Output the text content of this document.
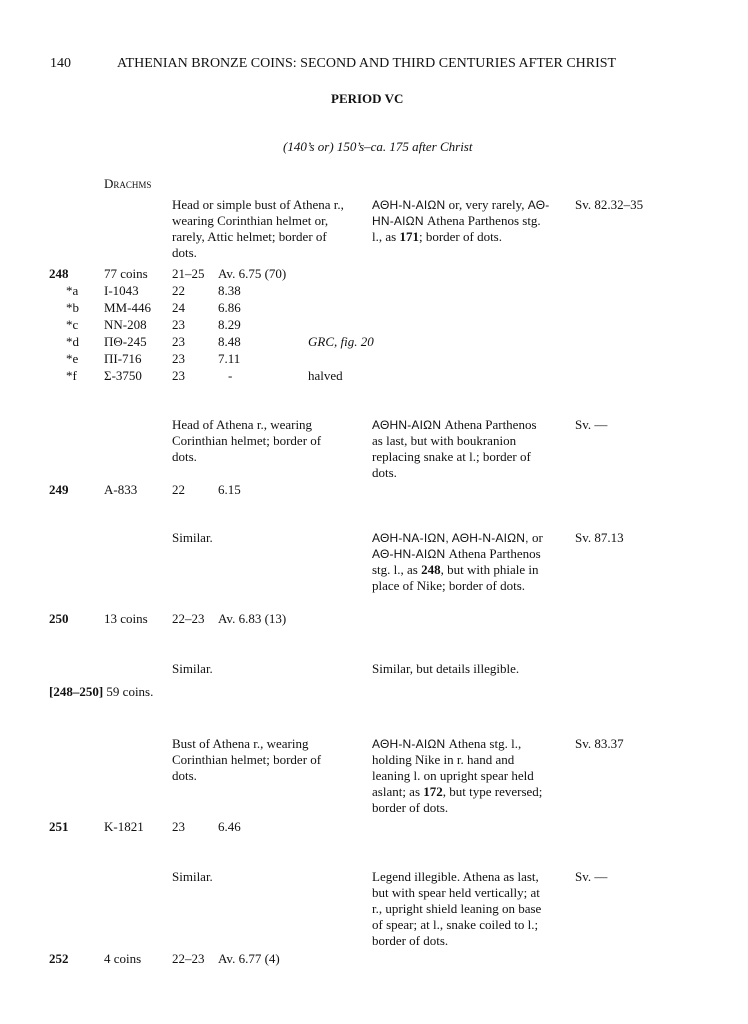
140	ATHENIAN BRONZE COINS: SECOND AND THIRD CENTURIES AFTER CHRIST
PERIOD VC
(140’s or) 150’s–ca. 175 after Christ
Drachms
Head or simple bust of Athena r., wearing Corinthian helmet or, rarely, Attic helmet; border of dots.
ΑΘΗ-Ν-ΑΙΩΝ or, very rarely, ΑΘ-ΗΝ-ΑΙΩΝ Athena Parthenos stg. l., as 171; border of dots.
Sv. 82.32–35
248	77 coins 21–25 Av. 6.75 (70)
*a I-1043	22	8.38
*b MM-446 24	6.86
*c NN-208 23	8.29
*d ΠΘ-245 23	8.48	GRC, fig. 20
*e ΠΙ-716 23	7.11
*f Σ-3750 23	-	halved
Head of Athena r., wearing Corinthian helmet; border of dots.
ΑΘΗΝ-ΑΙΩΝ Athena Parthenos as last, but with boukranion replacing snake at l.; border of dots.
Sv. —
249	A-833	22	6.15
Similar.	ΑΘΗ-ΝΑ-ΙΩΝ, ΑΘΗ-Ν-ΑΙΩΝ, or ΑΘ-ΗΝ-ΑΙΩΝ Athena Parthenos stg. l., as 248, but with phiale in place of Nike; border of dots.
Sv. 87.13
250	13 coins 22–23 Av. 6.83 (13)
Similar.	Similar, but details illegible.
[248–250] 59 coins.
Bust of Athena r., wearing Corinthian helmet; border of dots.
ΑΘΗ-Ν-ΑΙΩΝ Athena stg. l., holding Nike in r. hand and leaning l. on upright spear held aslant; as 172, but type reversed; border of dots.
Sv. 83.37
251	K-1821 23	6.46
Similar.	Legend illegible. Athena as last, but with spear held vertically; at r., upright shield leaning on base of spear; at l., snake coiled to l.; border of dots.
Sv. —
252	4 coins 22–23 Av. 6.77 (4)
